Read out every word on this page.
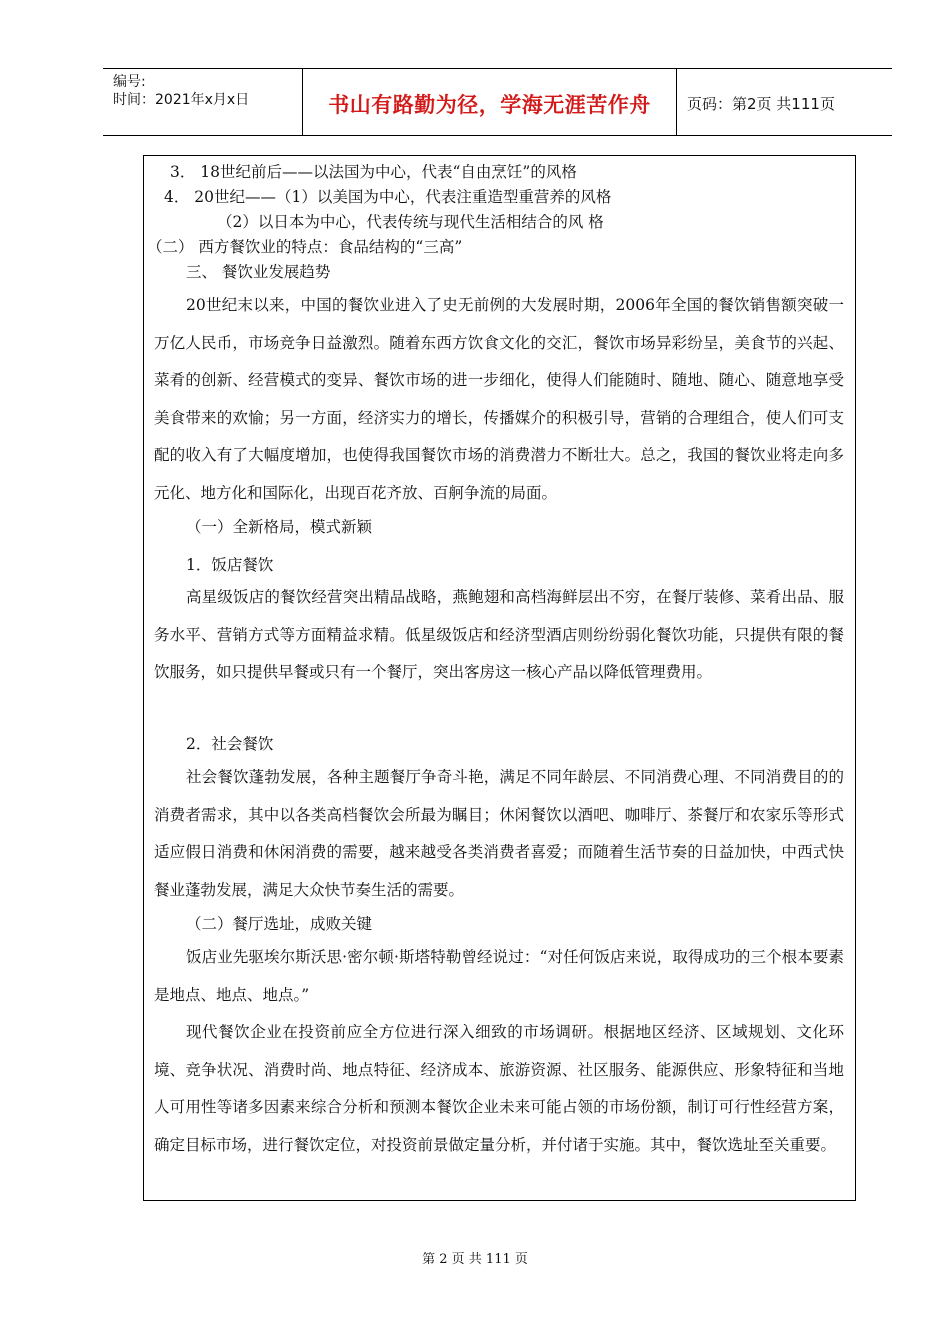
编号:
时间：2021年x月x日	书山有路勤为径，学海无涯苦作舟	页码：第2页 共111页
3． 18世纪前后——以法国为中心，代表“自由烹饪”的风格
4． 20世纪——（1）以美国为中心，代表注重造型重营养的风格
（2）以日本为中心，代表传统与现代生活相结合的风 格
（二） 西方餐饮业的特点：食品结构的“三高”
三、 餐饮业发展趋势
20世纪末以来，中国的餐饮业进入了史无前例的大发展时期，2006年全国的餐饮销售额突破一万亿人民币，市场竞争日益激烈。随着东西方饮食文化的交汇，餐饮市场异彩纷呈，美食节的兴起、菜肴的创新、经营模式的变异、餐饮市场的进一步细化，使得人们能随时、随地、随心、随意地享受美食带来的欢愉；另一方面，经济实力的增长，传播媒介的积极引导，营销的合理组合，使人们可支配的收入有了大幅度增加，也使得我国餐饮市场的消费潜力不断壮大。总之，我国的餐饮业将走向多元化、地方化和国际化，出现百花齐放、百舸争流的局面。
（一）全新格局，模式新颖
1．饭店餐饮
高星级饭店的餐饮经营突出精品战略，燕鲍翅和高档海鲜层出不穷，在餐厅装修、菜肴出品、服务水平、营销方式等方面精益求精。低星级饭店和经济型酒店则纷纷弱化餐饮功能，只提供有限的餐饮服务，如只提供早餐或只有一个餐厅，突出客房这一核心产品以降低管理费用。
2．社会餐饮
社会餐饮蓬勃发展，各种主题餐厅争奇斗艳，满足不同年龄层、不同消费心理、不同消费目的的消费者需求，其中以各类高档餐饮会所最为瞩目；休闲餐饮以酒吧、咖啡厅、茶餐厅和农家乐等形式适应假日消费和休闲消费的需要，越来越受各类消费者喜爱；而随着生活节奏的日益加快，中西式快餐业蓬勃发展，满足大众快节奏生活的需要。
（二）餐厅选址，成败关键
饭店业先驱埃尔斯沃思·密尔顿·斯塔特勒曾经说过：“对任何饭店来说，取得成功的三个根本要素是地点、地点、地点。”
现代餐饮企业在投资前应全方位进行深入细致的市场调研。根据地区经济、区域规划、文化环境、竞争状况、消费时尚、地点特征、经济成本、旅游资源、社区服务、能源供应、形象特征和当地人可用性等诸多因素来综合分析和预测本餐饮企业未来可能占领的市场份额，制订可行性经营方案，确定目标市场，进行餐饮定位，对投资前景做定量分析，并付诸于实施。其中，餐饮选址至关重要。
第 2 页 共 111 页
